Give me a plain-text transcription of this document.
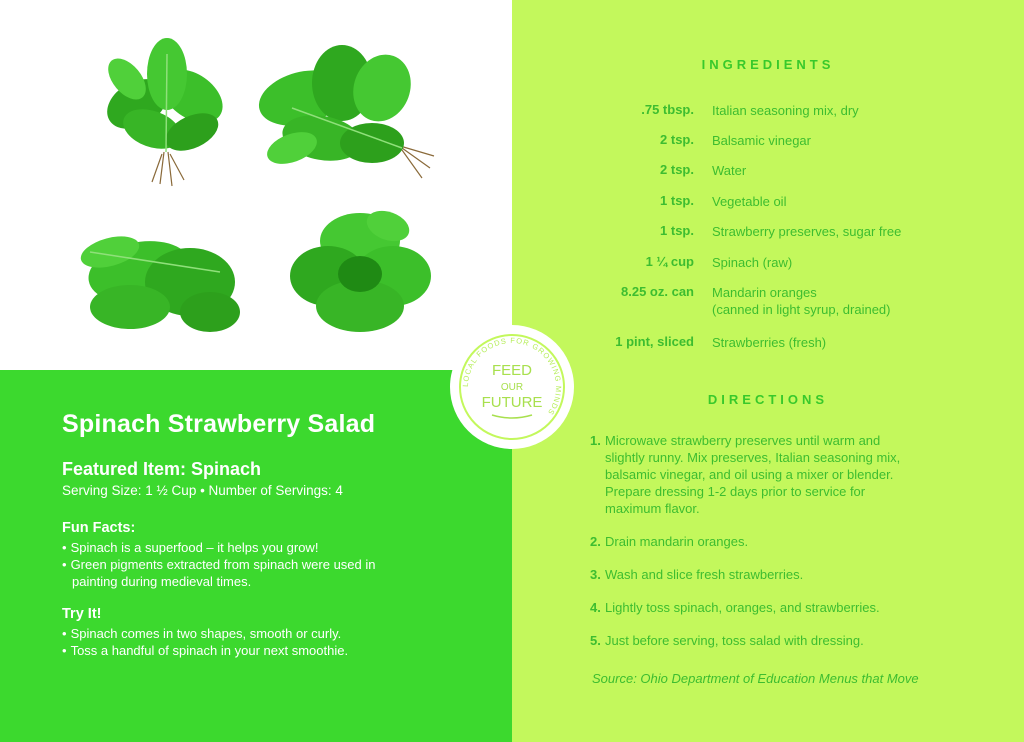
Spinach Strawberry Salad
Featured Item: Spinach
Serving Size: 1 ½ Cup • Number of Servings: 4
Fun Facts:
• Spinach is a superfood – it helps you grow!
• Green pigments extracted from spinach were used in painting during medieval times.
Try It!
• Spinach comes in two shapes, smooth or curly.
• Toss a handful of spinach in your next smoothie.
INGREDIENTS
.75 tbsp. Italian seasoning mix, dry
2 tsp. Balsamic vinegar
2 tsp. Water
1 tsp. Vegetable oil
1 tsp. Strawberry preserves, sugar free
1 ¼ cup Spinach (raw)
8.25 oz. can Mandarin oranges
(canned in light syrup, drained)
1 pint, sliced Strawberries (fresh)
DIRECTIONS
1. Microwave strawberry preserves until warm and slightly runny. Mix preserves, Italian seasoning mix, balsamic vinegar, and oil using a mixer or blender. Prepare dressing 1-2 days prior to service for maximum flavor.
2. Drain mandarin oranges.
3. Wash and slice fresh strawberries.
4. Lightly toss spinach, oranges, and strawberries.
5. Just before serving, toss salad with dressing.
Source: Ohio Department of Education Menus that Move
LOCAL FOODS FOR GROWING MINDS
FEED
OUR
FUTURE
